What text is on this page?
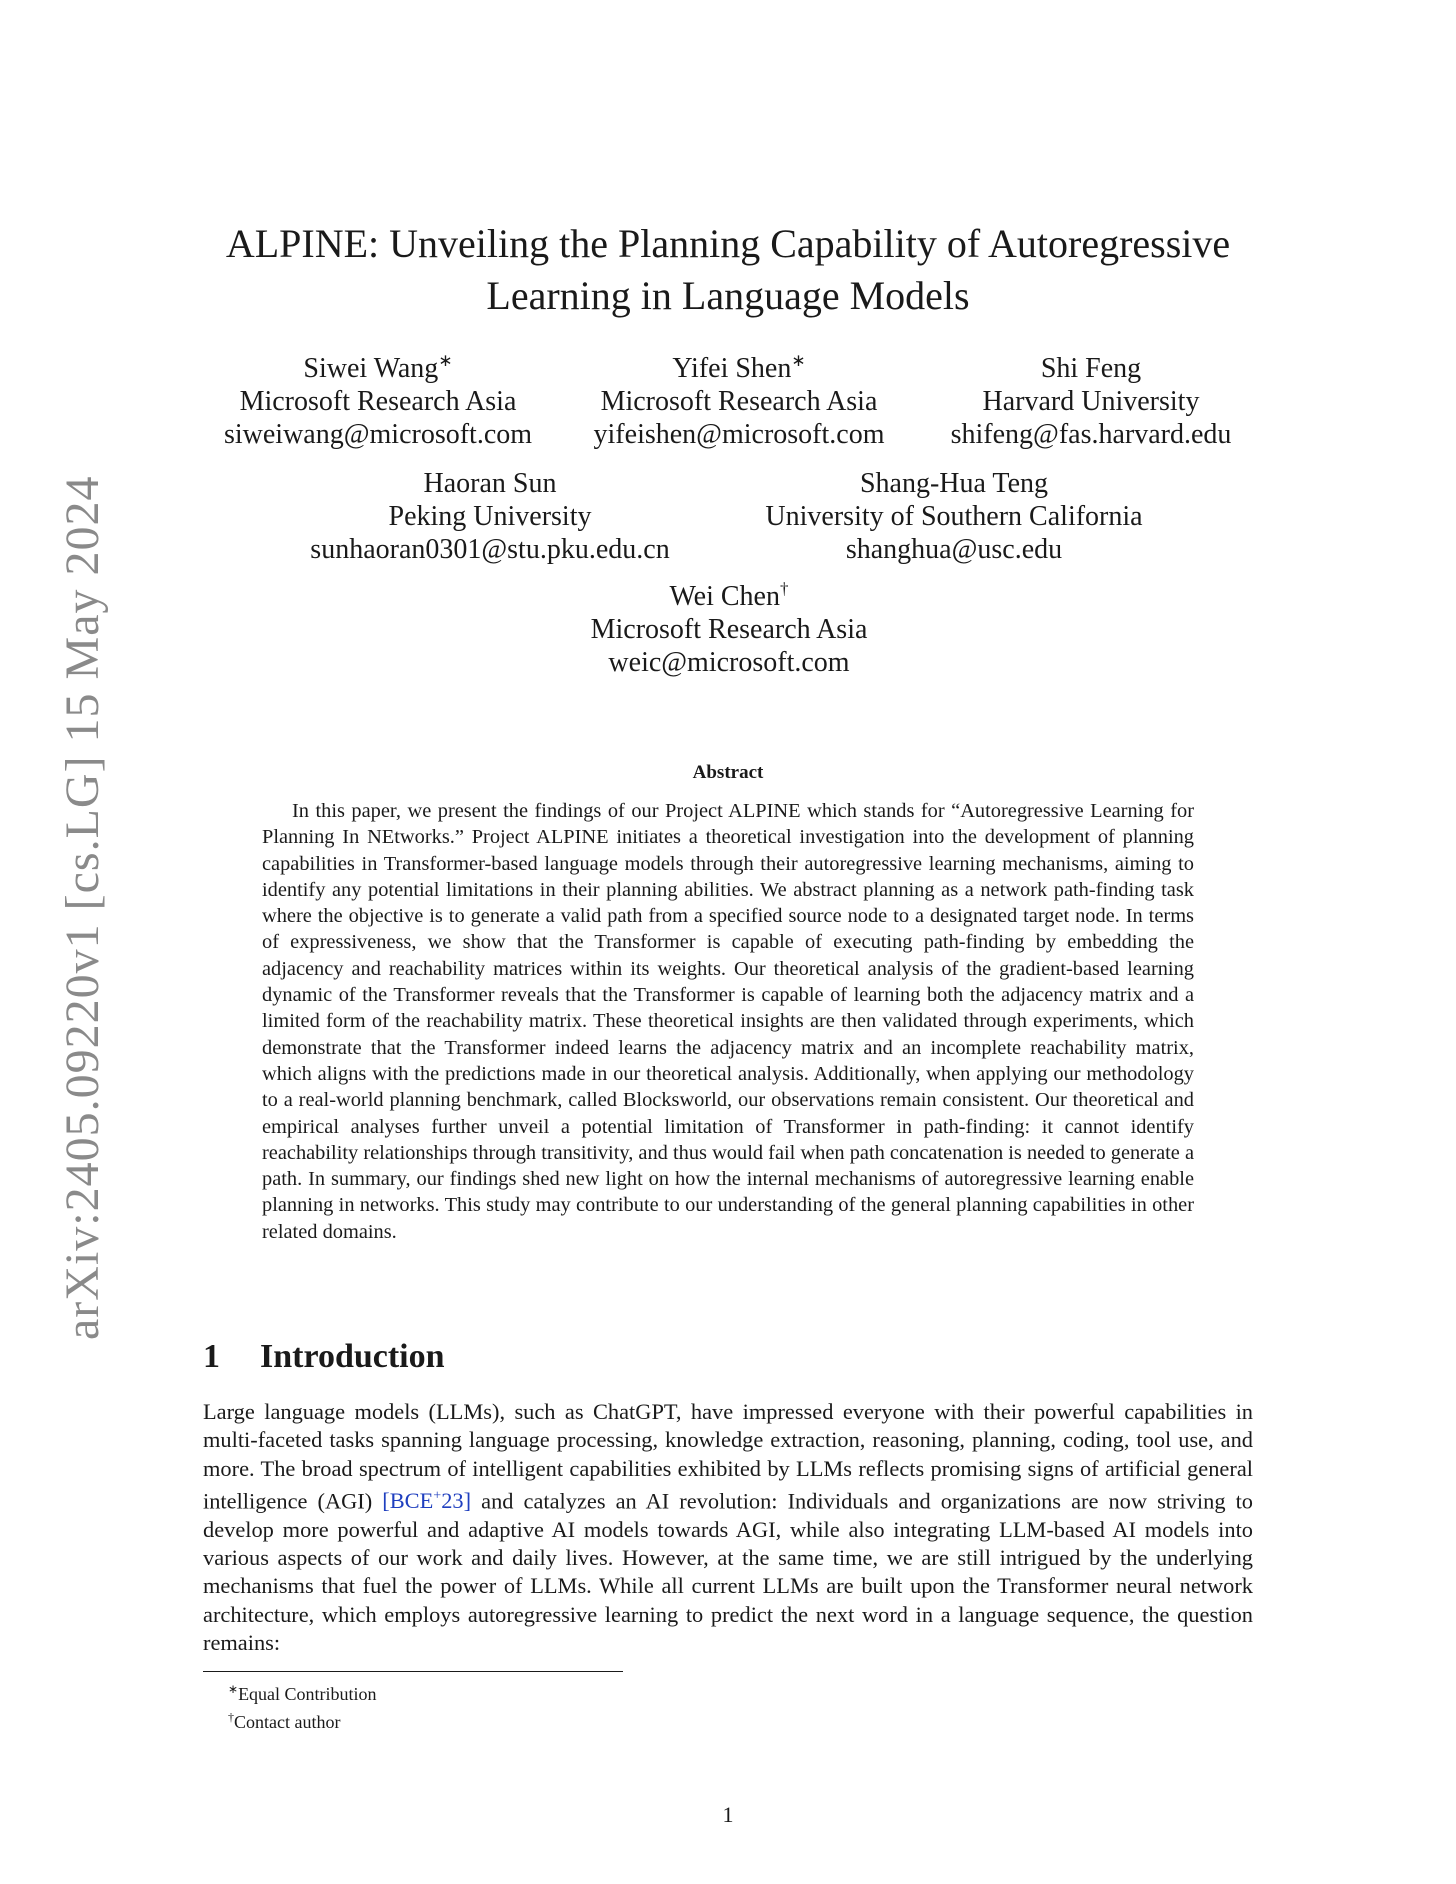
arXiv:2405.09220v1 [cs.LG] 15 May 2024
ALPINE: Unveiling the Planning Capability of Autoregressive
Learning in Language Models
Siwei Wang∗
Microsoft Research Asia
siweiwang@microsoft.com
Yifei Shen∗
Microsoft Research Asia
yifeishen@microsoft.com
Shi Feng
Harvard University
shifeng@fas.harvard.edu
Haoran Sun
Peking University
sunhaoran0301@stu.pku.edu.cn
Shang-Hua Teng
University of Southern California
shanghua@usc.edu
Wei Chen†
Microsoft Research Asia
weic@microsoft.com
Abstract

In this paper, we present the findings of our Project ALPINE which stands for “Autoregressive Learning for Planning In NEtworks.” Project ALPINE initiates a theoretical investigation into the development of planning capabilities in Transformer-based language models through their autoregressive learning mechanisms, aiming to identify any potential limitations in their planning abilities. We abstract planning as a network path-finding task where the objective is to generate a valid path from a specified source node to a designated target node. In terms of expressiveness, we show that the Transformer is capable of executing path-finding by embedding the adjacency and reachability matrices within its weights. Our theoretical analysis of the gradient-based learning dynamic of the Transformer reveals that the Transformer is capable of learning both the adjacency matrix and a limited form of the reachability matrix. These theoretical insights are then validated through experiments, which demonstrate that the Transformer indeed learns the adjacency matrix and an incomplete reachability matrix, which aligns with the predictions made in our theoretical analysis. Additionally, when applying our methodology to a real-world planning benchmark, called Blocksworld, our observations remain consistent. Our theoretical and empirical analyses further unveil a potential limitation of Transformer in path-finding: it cannot identify reachability relationships through transitivity, and thus would fail when path concatenation is needed to generate a path. In summary, our findings shed new light on how the internal mechanisms of autoregressive learning enable planning in networks. This study may contribute to our understanding of the general planning capabilities in other related domains.

1 Introduction

Large language models (LLMs), such as ChatGPT, have impressed everyone with their powerful capabilities in multi-faceted tasks spanning language processing, knowledge extraction, reasoning, planning, coding, tool use, and more. The broad spectrum of intelligent capabilities exhibited by LLMs reflects promising signs of artificial general intelligence (AGI) [BCE+23] and catalyzes an AI revolution: Individuals and organizations are now striving to develop more powerful and adaptive AI models towards AGI, while also integrating LLM-based AI models into various aspects of our work and daily lives. However, at the same time, we are still intrigued by the underlying mechanisms that fuel the power of LLMs. While all current LLMs are built upon the Transformer neural network architecture, which employs autoregressive learning to predict the next word in a language sequence, the question remains:

∗Equal Contribution
†Contact author
1
